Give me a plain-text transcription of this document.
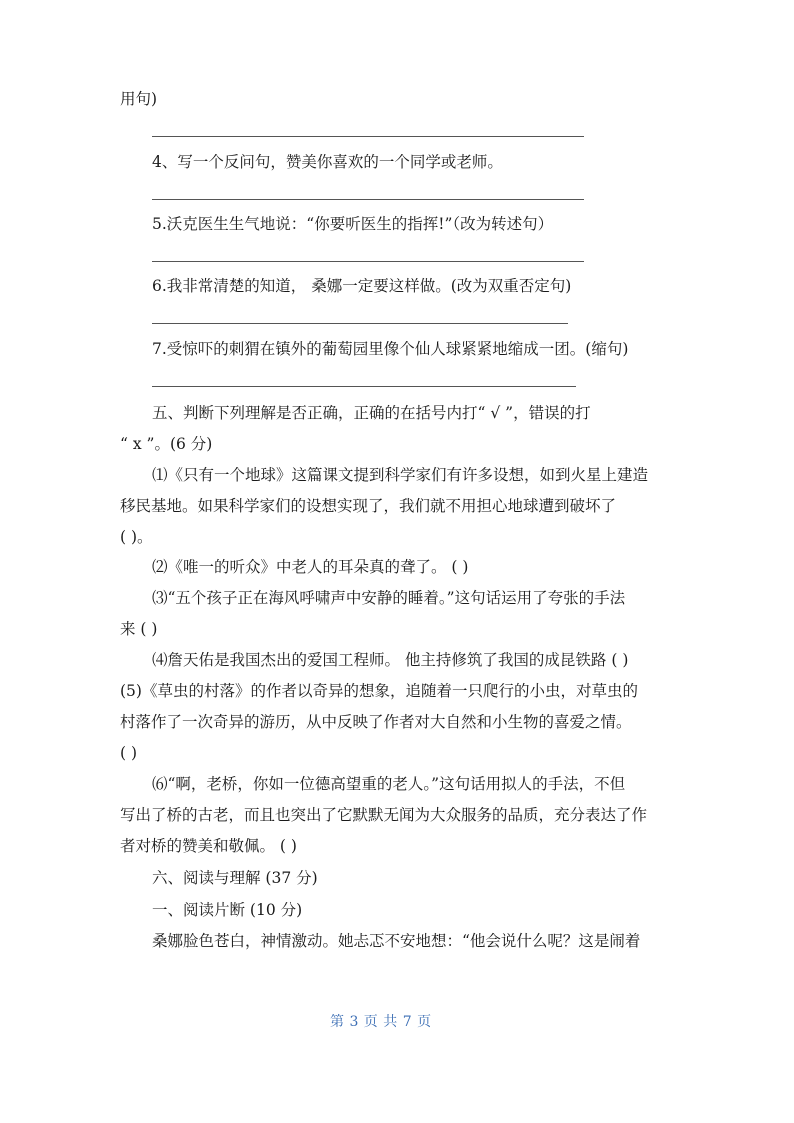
用句)
4、写一个反问句，赞美你喜欢的一个同学或老师。
5.沃克医生生气地说：“你要听医生的指挥!”（改为转述句）
6.我非常清楚的知道， 桑娜一定要这样做。(改为双重否定句)
7.受惊吓的刺猬在镇外的葡萄园里像个仙人球紧紧地缩成一团。(缩句)
五、判断下列理解是否正确，正确的在括号内打“ √ ”，错误的打
“ x ”。(6 分)
⑴《只有一个地球》这篇课文提到科学家们有许多设想，如到火星上建造
移民基地。如果科学家们的设想实现了，我们就不用担心地球遭到破坏了
( )。
⑵《唯一的听众》中老人的耳朵真的聋了。 ( )
⑶“五个孩子正在海风呼啸声中安静的睡着。”这句话运用了夸张的手法
来 ( )
⑷詹天佑是我国杰出的爱国工程师。 他主持修筑了我国的成昆铁路 ( )
(5)《草虫的村落》的作者以奇异的想象，追随着一只爬行的小虫，对草虫的
村落作了一次奇异的游历，从中反映了作者对大自然和小生物的喜爱之情。
( )
⑹“啊，老桥，你如一位德高望重的老人。”这句话用拟人的手法，不但
写出了桥的古老，而且也突出了它默默无闻为大众服务的品质，充分表达了作
者对桥的赞美和敬佩。 ( )
六、阅读与理解 (37 分)
一、阅读片断 (10 分)
桑娜脸色苍白，神情激动。她忐忑不安地想：“他会说什么呢？这是闹着
第 3 页 共 7 页
